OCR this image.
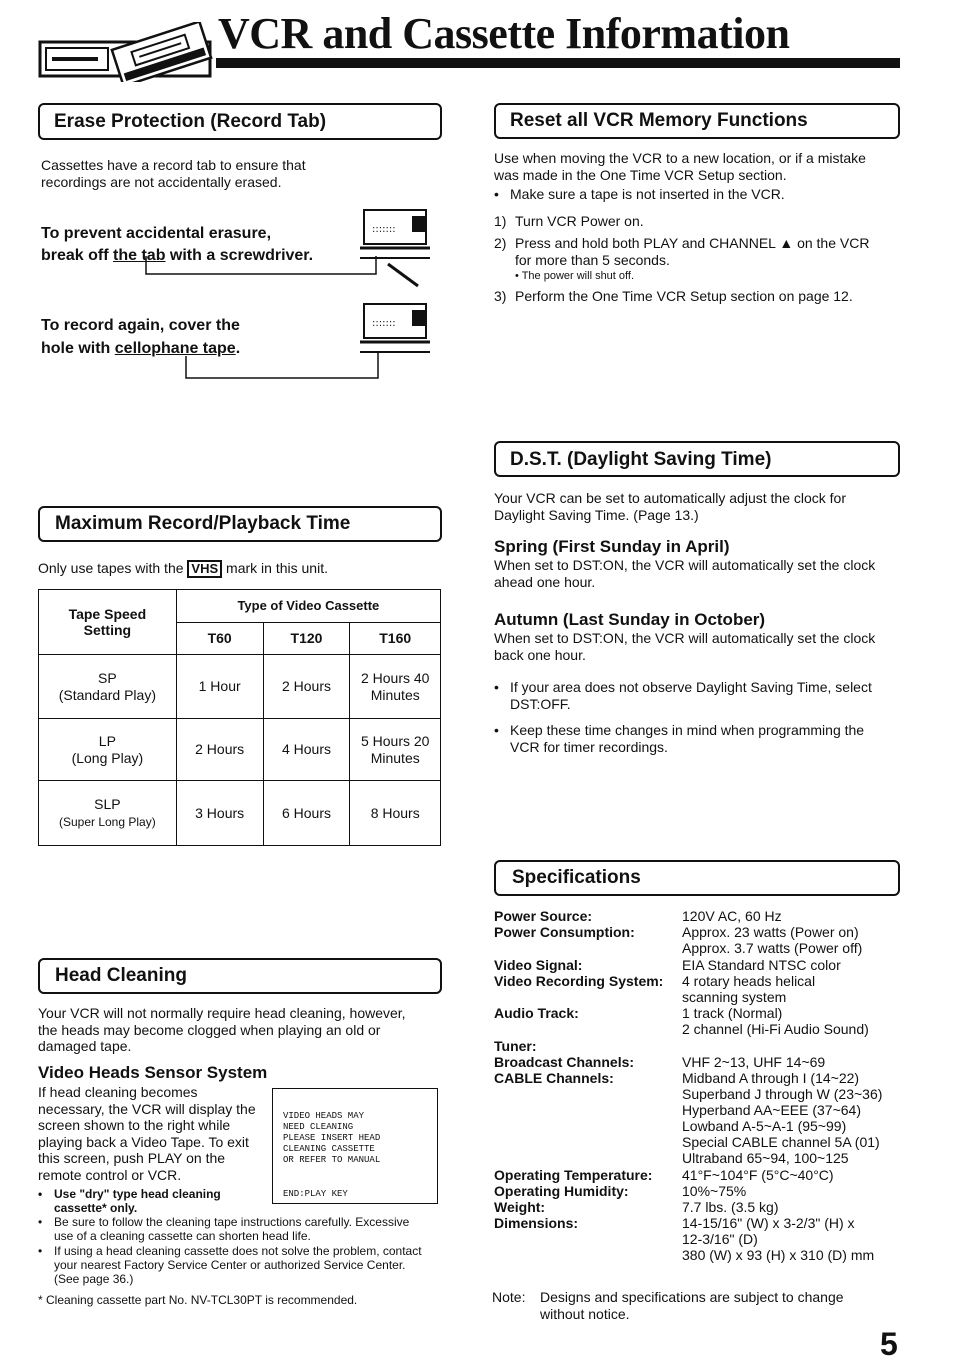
VCR and Cassette Information
Erase Protection (Record Tab)
Cassettes have a record tab to ensure that recordings are not accidentally erased.
To prevent accidental erasure,
break off the tab with a screwdriver.
To record again, cover the
hole with cellophane tape.
:::::::
:::::::
Reset all VCR Memory Functions
Use when moving the VCR to a new location, or if a mistake was made in the One Time VCR Setup section.
• Make sure a tape is not inserted in the VCR.
1) Turn VCR Power on.
2) Press and hold both PLAY and CHANNEL ▲ on the VCR for more than 5 seconds.
• The power will shut off.
3) Perform the One Time VCR Setup section on page 12.
D.S.T. (Daylight Saving Time)
Your VCR can be set to automatically adjust the clock for Daylight Saving Time. (Page 13.)
Spring (First Sunday in April)
When set to DST:ON, the VCR will automatically set the clock ahead one hour.
Autumn (Last Sunday in October)
When set to DST:ON, the VCR will automatically set the clock back one hour.
• If your area does not observe Daylight Saving Time, select DST:OFF.
• Keep these time changes in mind when programming the VCR for timer recordings.
Maximum Record/Playback Time
Only use tapes with the VHS mark in this unit.
Tape Speed Setting	Type of Video Cassette		
	T60	T120	T160
SP
(Standard Play)	1 Hour	2 Hours	2 Hours 40 Minutes
LP
(Long Play)	2 Hours	4 Hours	5 Hours 20 Minutes
SLP
(Super Long Play)	3 Hours	6 Hours	8 Hours
Head Cleaning
Your VCR will not normally require head cleaning, however, the heads may become clogged when playing an old or damaged tape.
Video Heads Sensor System
If head cleaning becomes necessary, the VCR will display the screen shown to the right while playing back a Video Tape. To exit this screen, push PLAY on the remote control or VCR.
VIDEO HEADS MAY
NEED CLEANING
PLEASE INSERT HEAD
CLEANING CASSETTE
OR REFER TO MANUAL
END:PLAY KEY
• Use "dry" type head cleaning cassette* only.
• Be sure to follow the cleaning tape instructions carefully. Excessive use of a cleaning cassette can shorten head life.
• If using a head cleaning cassette does not solve the problem, contact your nearest Factory Service Center or authorized Service Center. (See page 36.)
* Cleaning cassette part No. NV-TCL30PT is recommended.
Specifications
Power Source:	120V AC, 60 Hz
Power Consumption:	Approx. 23 watts (Power on)
Approx. 3.7 watts (Power off)
Video Signal:	EIA Standard NTSC color
Video Recording System: 4 rotary heads helical
scanning system
Audio Track:	1 track (Normal)
2 channel (Hi-Fi Audio Sound)
Tuner:
Broadcast Channels:	VHF 2~13, UHF 14~69
CABLE Channels:	Midband A through I (14~22)
Superband J through W (23~36)
Hyperband AA~EEE (37~64)
Lowband A-5~A-1 (95~99)
Special CABLE channel 5A (01)
Ultraband 65~94, 100~125
Operating Temperature: 41°F~104°F (5°C~40°C)
Operating Humidity:	10%~75%
Weight:	7.7 lbs. (3.5 kg)
Dimensions:	14-15/16" (W) x 3-2/3" (H) x
12-3/16" (D)
380 (W) x 93 (H) x 310 (D) mm
Note: Designs and specifications are subject to change without notice.
5
